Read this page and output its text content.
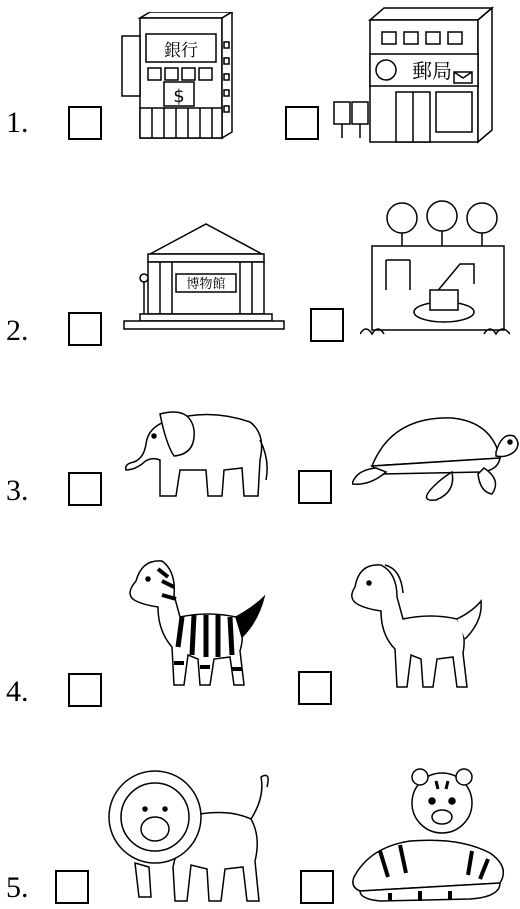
1.
銀行
$
郵局
2.
博物館
3.
4.
5.
